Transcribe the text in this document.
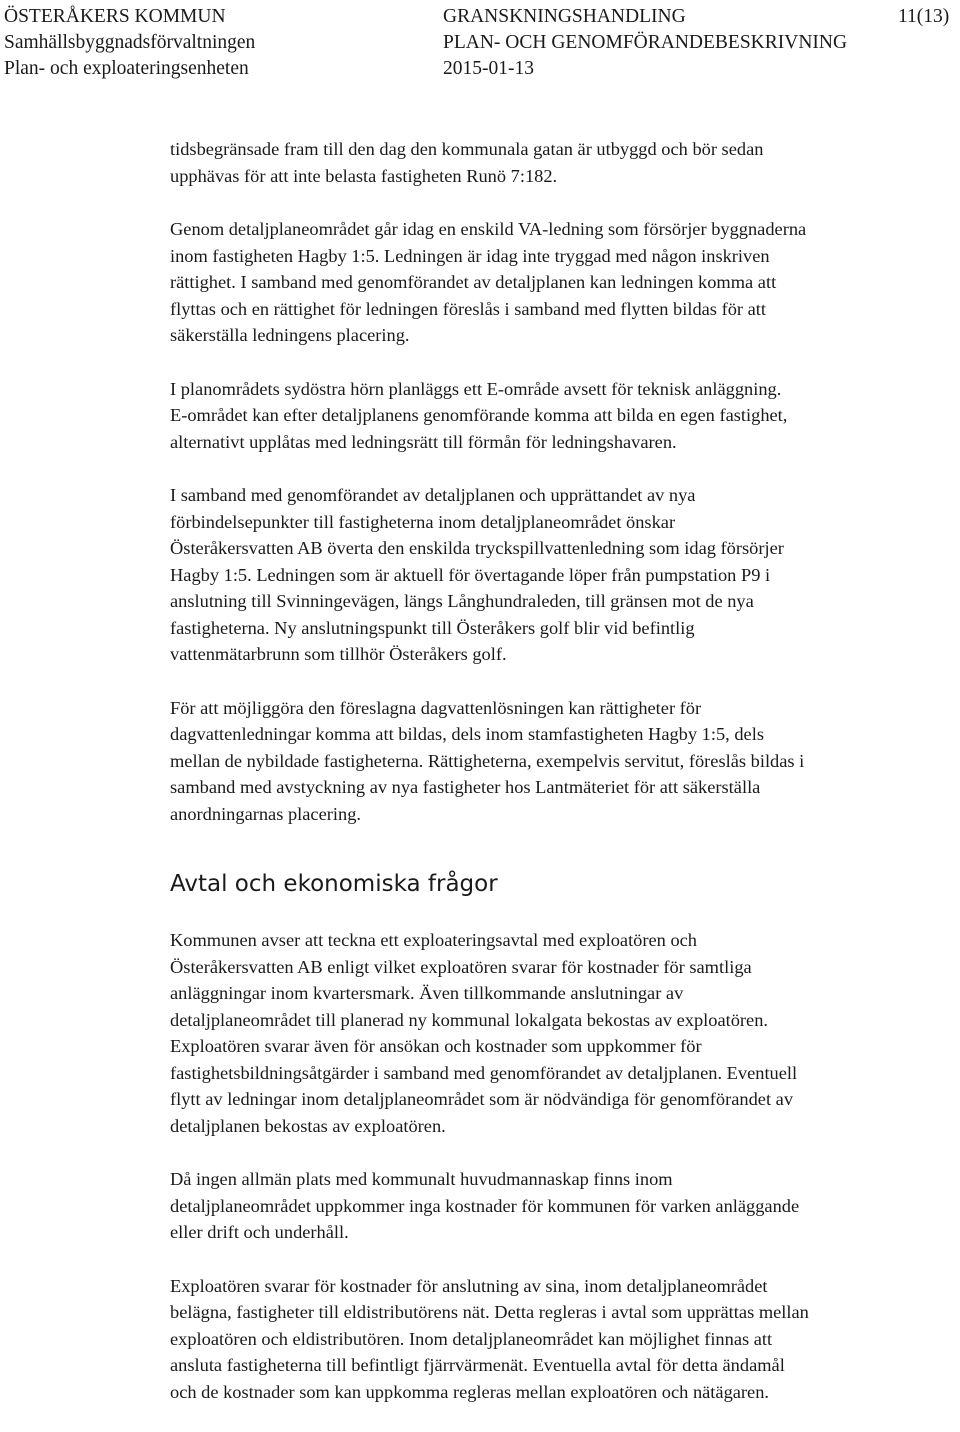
ÖSTERÅKERS KOMMUN
Samhällsbyggnadsförvaltningen
Plan- och exploateringsenheten
GRANSKNINGSHANDLING
PLAN- OCH GENOMFÖRANDEBESKRIVNING
2015-01-13
11(13)

tidsbegränsade fram till den dag den kommunala gatan är utbyggd och bör sedan
upphävas för att inte belasta fastigheten Runö 7:182.

Genom detaljplaneområdet går idag en enskild VA-ledning som försörjer byggnaderna
inom fastigheten Hagby 1:5. Ledningen är idag inte tryggad med någon inskriven
rättighet. I samband med genomförandet av detaljplanen kan ledningen komma att
flyttas och en rättighet för ledningen föreslås i samband med flytten bildas för att
säkerställa ledningens placering.

I planområdets sydöstra hörn planläggs ett E-område avsett för teknisk anläggning.
E-området kan efter detaljplanens genomförande komma att bilda en egen fastighet,
alternativt upplåtas med ledningsrätt till förmån för ledningshavaren.

I samband med genomförandet av detaljplanen och upprättandet av nya
förbindelsepunkter till fastigheterna inom detaljplaneområdet önskar
Österåkersvatten AB överta den enskilda tryckspillvattenledning som idag försörjer
Hagby 1:5. Ledningen som är aktuell för övertagande löper från pumpstation P9 i
anslutning till Svinningevägen, längs Långhundraleden, till gränsen mot de nya
fastigheterna. Ny anslutningspunkt till Österåkers golf blir vid befintlig
vattenmätarbrunn som tillhör Österåkers golf.

För att möjliggöra den föreslagna dagvattenlösningen kan rättigheter för
dagvattenledningar komma att bildas, dels inom stamfastigheten Hagby 1:5, dels
mellan de nybildade fastigheterna. Rättigheterna, exempelvis servitut, föreslås bildas i
samband med avstyckning av nya fastigheter hos Lantmäteriet för att säkerställa
anordningarnas placering.

Avtal och ekonomiska frågor

Kommunen avser att teckna ett exploateringsavtal med exploatören och
Österåkersvatten AB enligt vilket exploatören svarar för kostnader för samtliga
anläggningar inom kvartersmark. Även tillkommande anslutningar av
detaljplaneområdet till planerad ny kommunal lokalgata bekostas av exploatören.
Exploatören svarar även för ansökan och kostnader som uppkommer för
fastighetsbildningsåtgärder i samband med genomförandet av detaljplanen. Eventuell
flytt av ledningar inom detaljplaneområdet som är nödvändiga för genomförandet av
detaljplanen bekostas av exploatören.

Då ingen allmän plats med kommunalt huvudmannaskap finns inom
detaljplaneområdet uppkommer inga kostnader för kommunen för varken anläggande
eller drift och underhåll.

Exploatören svarar för kostnader för anslutning av sina, inom detaljplaneområdet
belägna, fastigheter till eldistributörens nät. Detta regleras i avtal som upprättas mellan
exploatören och eldistributören. Inom detaljplaneområdet kan möjlighet finnas att
ansluta fastigheterna till befintligt fjärrvärmenät. Eventuella avtal för detta ändamål
och de kostnader som kan uppkomma regleras mellan exploatören och nätägaren.
